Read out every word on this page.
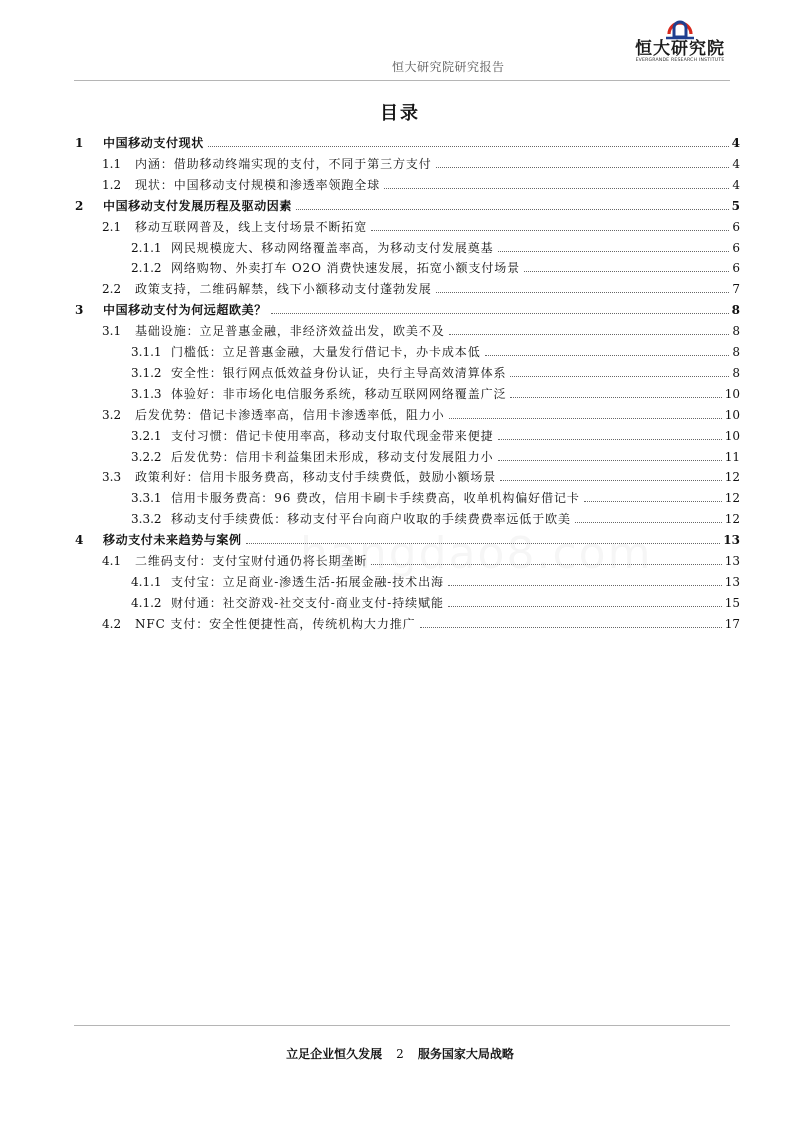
恒大研究院研究报告
恒大研究院
EVERGRANDE RESEARCH INSTITUTE
目录
1	中国移动支付现状	4
1.1	内涵：借助移动终端实现的支付，不同于第三方支付	4
1.2	现状：中国移动支付规模和渗透率领跑全球	4
2	中国移动支付发展历程及驱动因素	5
2.1	移动互联网普及，线上支付场景不断拓宽	6
2.1.1 网民规模庞大、移动网络覆盖率高，为移动支付发展奠基	6
2.1.2 网络购物、外卖打车 O2O 消费快速发展，拓宽小额支付场景	6
2.2	政策支持，二维码解禁，线下小额移动支付蓬勃发展	7
3	中国移动支付为何远超欧美？	8
3.1	基础设施：立足普惠金融，非经济效益出发，欧美不及	8
3.1.1 门槛低：立足普惠金融，大量发行借记卡，办卡成本低	8
3.1.2 安全性：银行网点低效益身份认证，央行主导高效清算体系	8
3.1.3 体验好：非市场化电信服务系统，移动互联网网络覆盖广泛	10
3.2	后发优势：借记卡渗透率高，信用卡渗透率低，阻力小	10
3.2.1 支付习惯：借记卡使用率高，移动支付取代现金带来便捷	10
3.2.2 后发优势：信用卡利益集团未形成，移动支付发展阻力小	11
3.3	政策利好：信用卡服务费高，移动支付手续费低，鼓励小额场景	12
3.3.1 信用卡服务费高：96 费改，信用卡刷卡手续费高，收单机构偏好借记卡	12
3.3.2 移动支付手续费低：移动支付平台向商户收取的手续费费率远低于欧美	12
4	移动支付未来趋势与案例	13
4.1	二维码支付：支付宝财付通仍将长期垄断	13
4.1.1 支付宝：立足商业-渗透生活-拓展金融-技术出海	13
4.1.2 财付通：社交游戏-社交支付-商业支付-持续赋能	15
4.2	NFC 支付：安全性便捷性高，传统机构大力推广	17
hangdao8.com
立足企业恒久发展 2 服务国家大局战略
